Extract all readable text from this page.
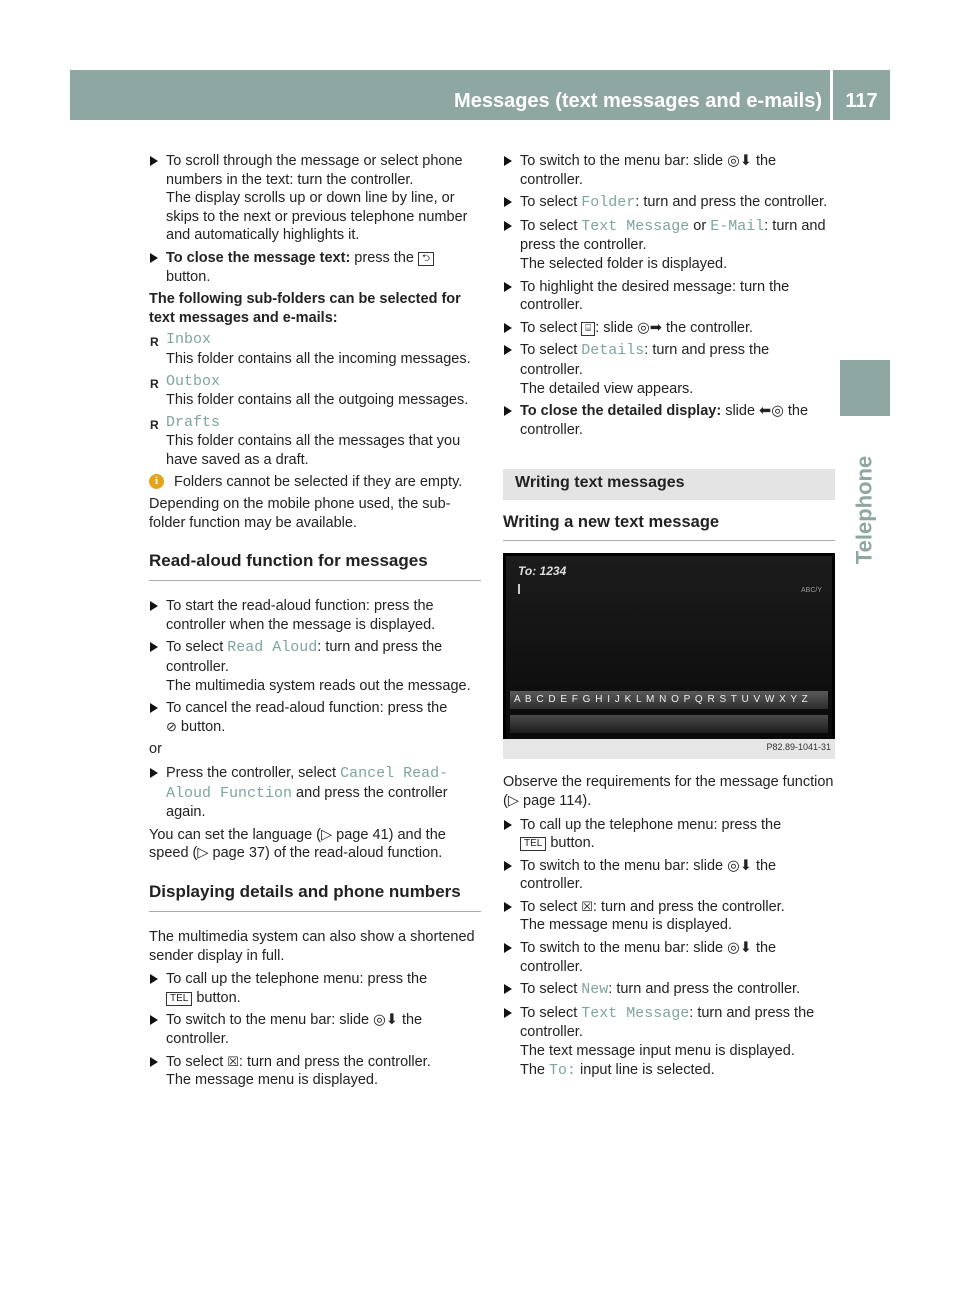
Messages (text messages and e-mails)	117
Telephone
To scroll through the message or select phone numbers in the text: turn the controller.
The display scrolls up or down line by line, or skips to the next or previous telephone number and automatically highlights it.
To close the message text: press the ⮌ button.

The following sub-folders can be selected for text messages and e-mails:

R Inbox
This folder contains all the incoming messages.
R Outbox
This folder contains all the outgoing messages.
R Drafts
This folder contains all the messages that you have saved as a draft.
i	Folders cannot be selected if they are empty.

Depending on the mobile phone used, the sub-folder function may be available.

Read-aloud function for messages
To start the read-aloud function: press the controller when the message is displayed.
To select Read Aloud: turn and press the controller.
The multimedia system reads out the message.
To cancel the read-aloud function: press the
⊘ button.

or

Press the controller, select Cancel Read-Aloud Function and press the controller again.

You can set the language (▷ page 41) and the speed (▷ page 37) of the read-aloud function.

Displaying details and phone numbers

The multimedia system can also show a shortened sender display in full.

To call up the telephone menu: press the
TEL button.
To switch to the menu bar: slide ◎⬇ the controller.
To select ☒: turn and press the controller.
The message menu is displayed.
To switch to the menu bar: slide ◎⬇ the controller.
To select Folder: turn and press the controller.
To select Text Message or E-Mail: turn and press the controller.
The selected folder is displayed.
To highlight the desired message: turn the controller.
To select ⌸ : slide ◎➡ the controller.
To select Details: turn and press the controller.
The detailed view appears.
To close the detailed display: slide ⬅◎ the controller.
Writing text messages
Writing a new text message
To: 1234
ABC/Y
A B C D E F G H I J K L M N O P Q R S T U V W X Y Z
P82.89-1041-31

Observe the requirements for the message function (▷ page 114).

To call up the telephone menu: press the
TEL button.
To switch to the menu bar: slide ◎⬇ the controller.
To select ☒: turn and press the controller.
The message menu is displayed.
To switch to the menu bar: slide ◎⬇ the controller.
To select New: turn and press the controller.
To select Text Message: turn and press the controller.
The text message input menu is displayed.
The To: input line is selected.
